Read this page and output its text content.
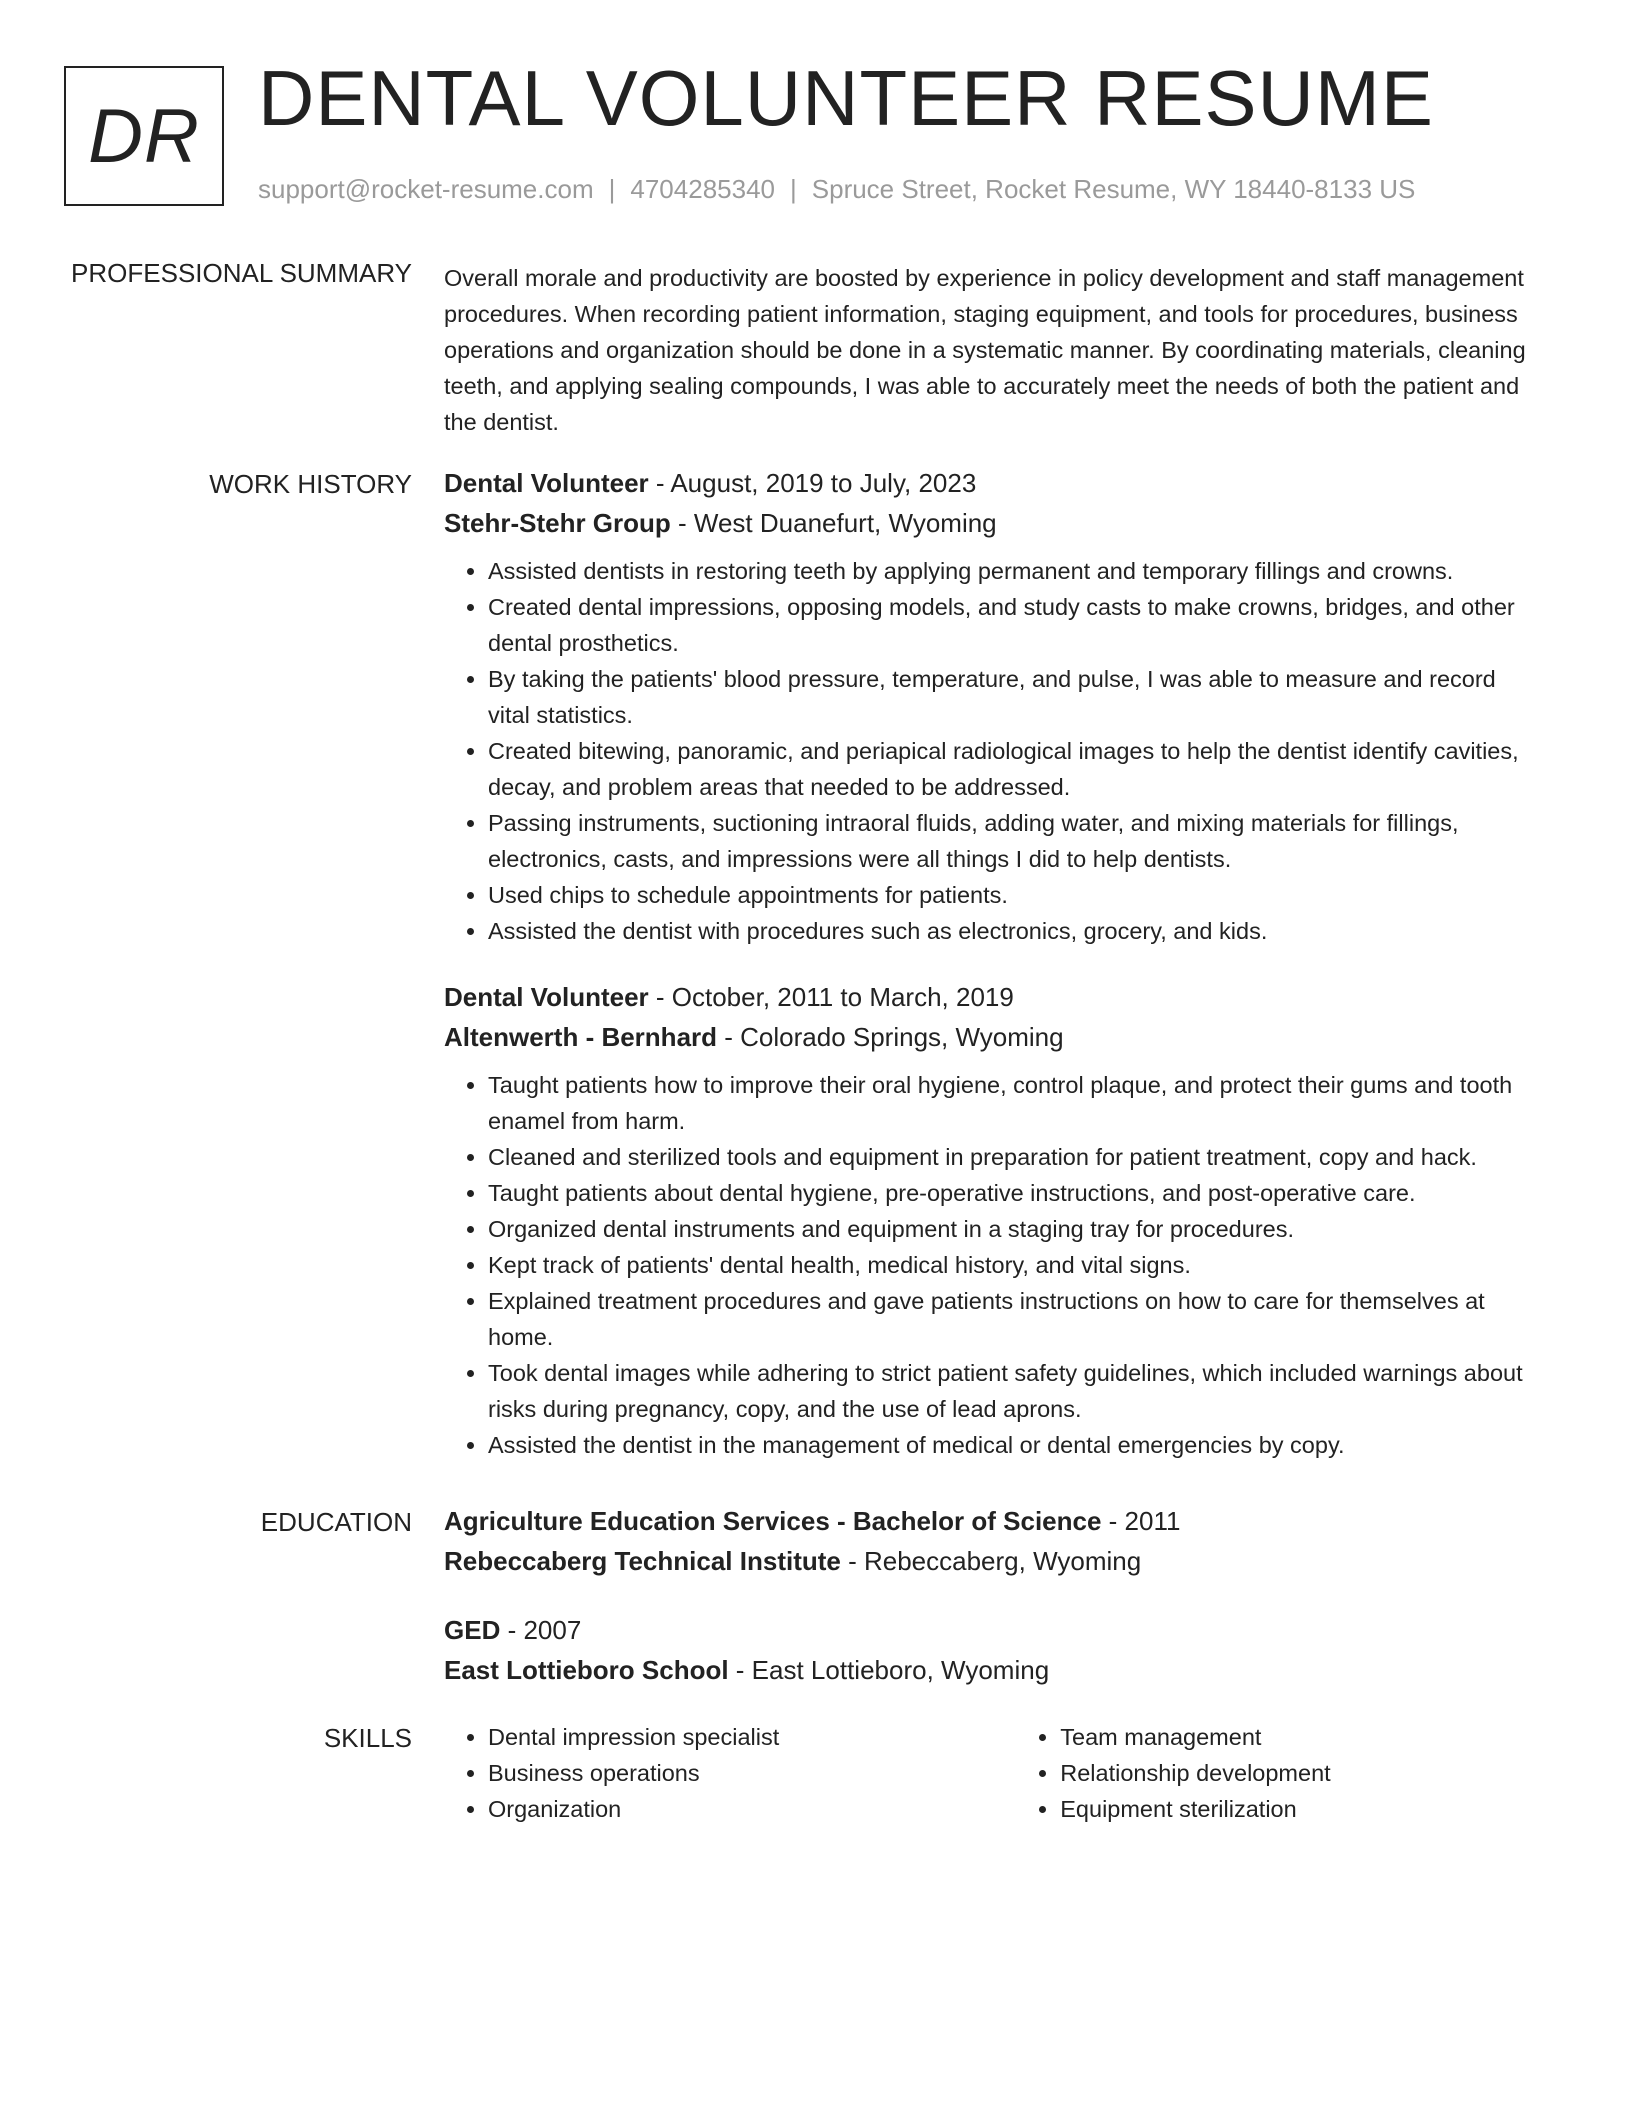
DR DENTAL VOLUNTEER RESUME
support@rocket-resume.com | 4704285340 | Spruce Street, Rocket Resume, WY 18440-8133 US
PROFESSIONAL SUMMARY Overall morale and productivity are boosted by experience in policy development and staff management procedures. When recording patient information, staging equipment, and tools for procedures, business operations and organization should be done in a systematic manner. By coordinating materials, cleaning teeth, and applying sealing compounds, I was able to accurately meet the needs of both the patient and the dentist.

WORK HISTORY Dental Volunteer - August, 2019 to July, 2023
Stehr-Stehr Group - West Duanefurt, Wyoming
• Assisted dentists in restoring teeth by applying permanent and temporary fillings and crowns.
• Created dental impressions, opposing models, and study casts to make crowns, bridges, and other dental prosthetics.
• By taking the patients' blood pressure, temperature, and pulse, I was able to measure and record vital statistics.
• Created bitewing, panoramic, and periapical radiological images to help the dentist identify cavities, decay, and problem areas that needed to be addressed.
• Passing instruments, suctioning intraoral fluids, adding water, and mixing materials for fillings, electronics, casts, and impressions were all things I did to help dentists.
• Used chips to schedule appointments for patients.
• Assisted the dentist with procedures such as electronics, grocery, and kids.
Dental Volunteer - October, 2011 to March, 2019
Altenwerth - Bernhard - Colorado Springs, Wyoming
• Taught patients how to improve their oral hygiene, control plaque, and protect their gums and tooth enamel from harm.
• Cleaned and sterilized tools and equipment in preparation for patient treatment, copy and hack.
• Taught patients about dental hygiene, pre-operative instructions, and post-operative care.
• Organized dental instruments and equipment in a staging tray for procedures.
• Kept track of patients' dental health, medical history, and vital signs.
• Explained treatment procedures and gave patients instructions on how to care for themselves at home.
• Took dental images while adhering to strict patient safety guidelines, which included warnings about risks during pregnancy, copy, and the use of lead aprons.
• Assisted the dentist in the management of medical or dental emergencies by copy.
EDUCATION Agriculture Education Services - Bachelor of Science - 2011
Rebeccaberg Technical Institute - Rebeccaberg, Wyoming
GED - 2007
East Lottieboro School - East Lottieboro, Wyoming
SKILLS
•	Dental impression specialist
• Business operations
• Organization
• Team management
• Relationship development
• Equipment sterilization
